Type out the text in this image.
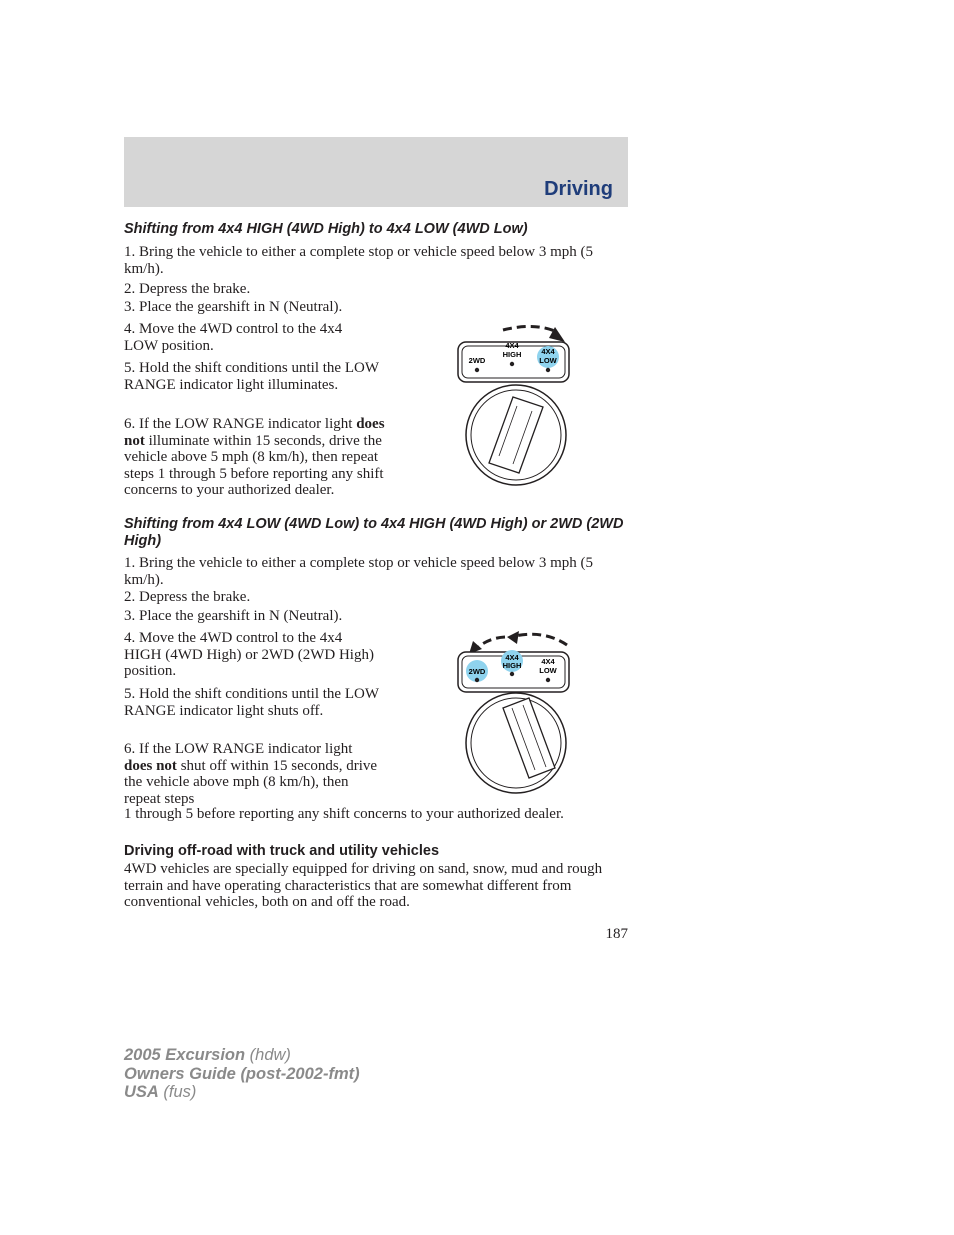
Driving
Shifting from 4x4 HIGH (4WD High) to 4x4 LOW (4WD Low)

1. Bring the vehicle to either a complete stop or vehicle speed below 3 mph (5 km/h).

2. Depress the brake.

3. Place the gearshift in N (Neutral).

4. Move the 4WD control to the 4x4 LOW position.

5. Hold the shift conditions until the LOW RANGE indicator light illuminates.

6. If the LOW RANGE indicator light does not illuminate within 15 seconds, drive the vehicle above 5 mph (8 km/h), then repeat steps 1 through 5 before reporting any shift concerns to your authorized dealer.

2WD
4X4
HIGH	4X4
LOW
Shifting from 4x4 LOW (4WD Low) to 4x4 HIGH (4WD High) or 2WD (2WD High)

1. Bring the vehicle to either a complete stop or vehicle speed below 3 mph (5 km/h).

2. Depress the brake.

3. Place the gearshift in N (Neutral).

4. Move the 4WD control to the 4x4 HIGH (4WD High) or 2WD (2WD High) position.

5. Hold the shift conditions until the LOW RANGE indicator light shuts off.

6. If the LOW RANGE indicator light does not shut off within 15 seconds, drive the vehicle above mph (8 km/h), then repeat steps

1 through 5 before reporting any shift concerns to your authorized dealer.

2WD
4X4
HIGH	4X4
LOW
Driving off-road with truck and utility vehicles

4WD vehicles are specially equipped for driving on sand, snow, mud and rough terrain and have operating characteristics that are somewhat different from conventional vehicles, both on and off the road.

187
2005 Excursion (hdw)
Owners Guide (post-2002-fmt)
USA (fus)
